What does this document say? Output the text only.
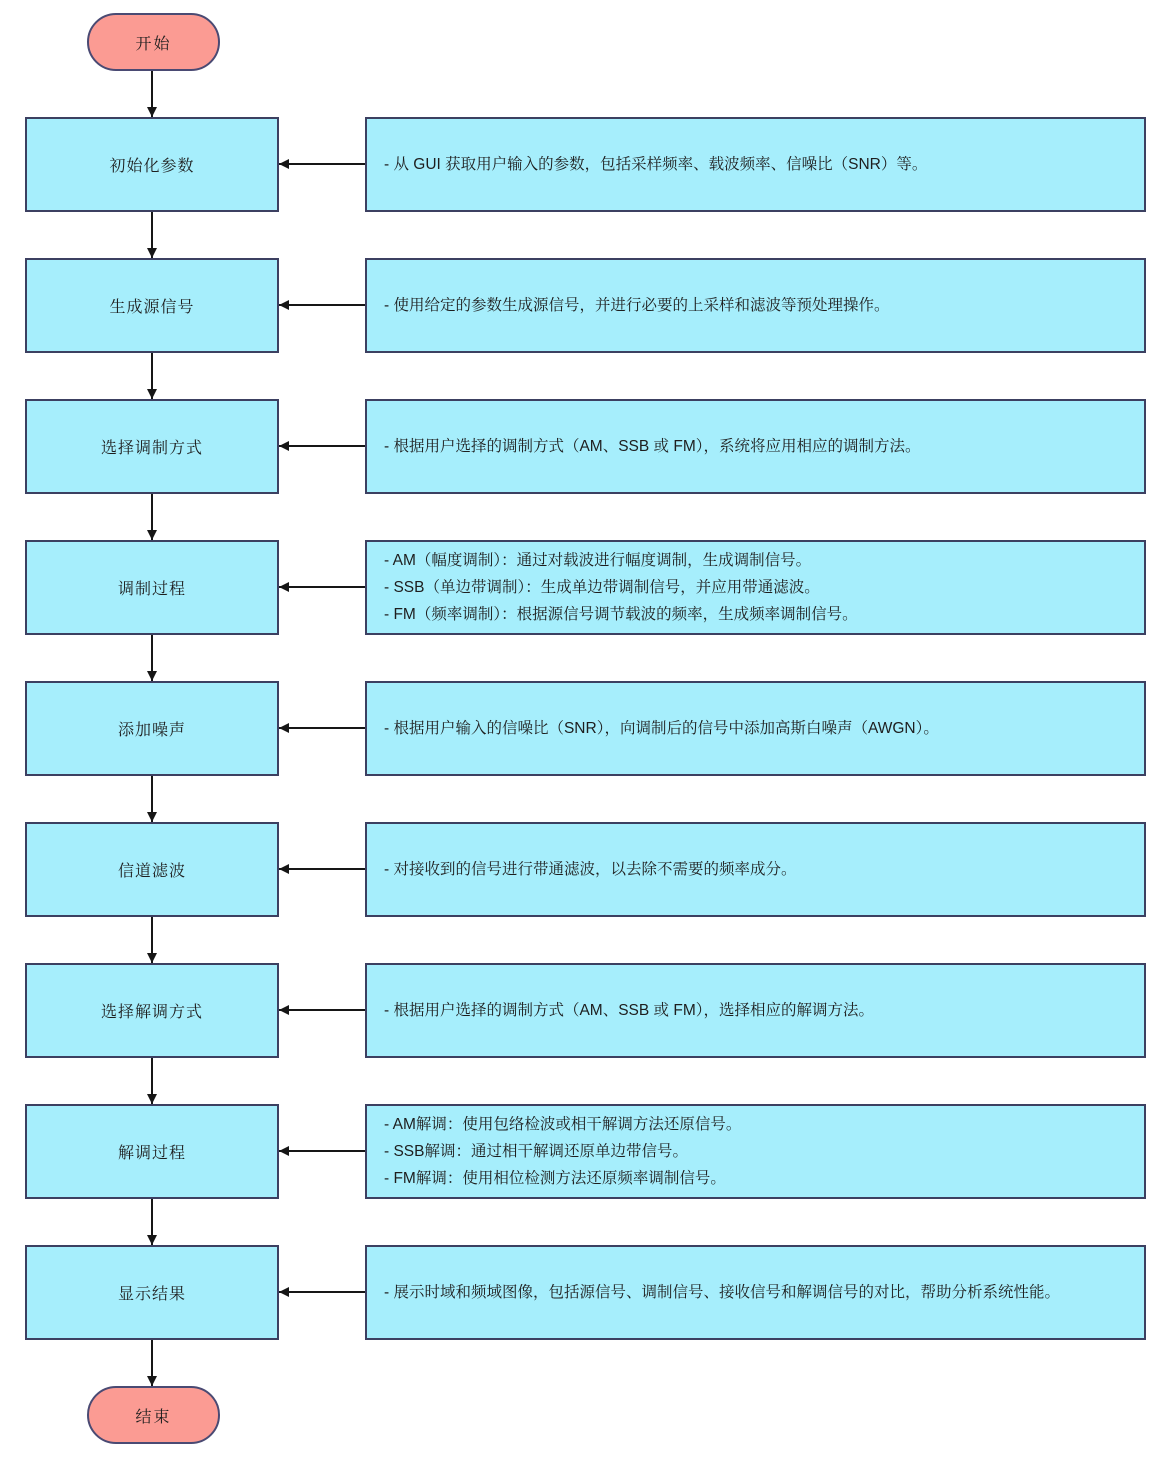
开始
初始化参数	- 从 GUI 获取用户输入的参数，包括采样频率、载波频率、信噪比（SNR）等。
生成源信号	- 使用给定的参数生成源信号，并进行必要的上采样和滤波等预处理操作。
选择调制方式	- 根据用户选择的调制方式（AM、SSB 或 FM），系统将应用相应的调制方法。
调制过程
- AM（幅度调制）：通过对载波进行幅度调制，生成调制信号。
- SSB（单边带调制）：生成单边带调制信号，并应用带通滤波。
- FM（频率调制）：根据源信号调节载波的频率，生成频率调制信号。
添加噪声	- 根据用户输入的信噪比（SNR），向调制后的信号中添加高斯白噪声（AWGN）。
信道滤波	- 对接收到的信号进行带通滤波，以去除不需要的频率成分。
选择解调方式	- 根据用户选择的调制方式（AM、SSB 或 FM），选择相应的解调方法。
解调过程
- AM解调：使用包络检波或相干解调方法还原信号。
- SSB解调：通过相干解调还原单边带信号。
- FM解调：使用相位检测方法还原频率调制信号。
显示结果	- 展示时域和频域图像，包括源信号、调制信号、接收信号和解调信号的对比，帮助分析系统性能。
结束
